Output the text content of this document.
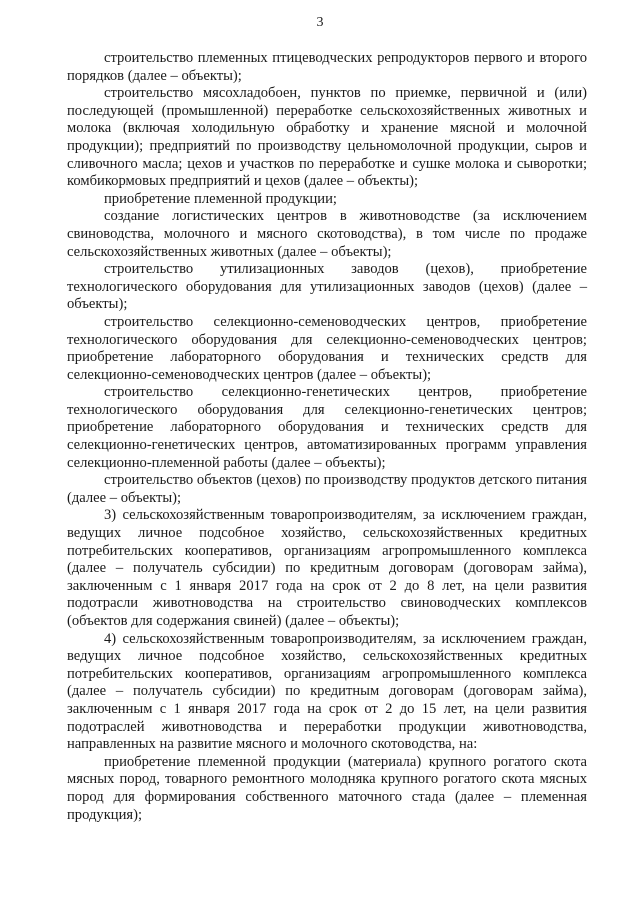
3

строительство племенных птицеводческих репродукторов первого и второго порядков (далее – объекты);

строительство мясохладобоен, пунктов по приемке, первичной и (или) последующей (промышленной) переработке сельскохозяйственных животных и молока (включая холодильную обработку и хранение мясной и молочной продукции); предприятий по производству цельномолочной продукции, сыров и сливочного масла; цехов и участков по переработке и сушке молока и сыворотки; комбикормовых предприятий и цехов (далее – объекты);

приобретение племенной продукции;

создание логистических центров в животноводстве (за исключением свиноводства, молочного и мясного скотоводства), в том числе по продаже сельскохозяйственных животных (далее – объекты);

строительство утилизационных заводов (цехов), приобретение технологического оборудования для утилизационных заводов (цехов) (далее – объекты);

строительство селекционно-семеноводческих центров, приобретение технологического оборудования для селекционно-семеноводческих центров; приобретение лабораторного оборудования и технических средств для селекционно-семеноводческих центров (далее – объекты);

строительство селекционно-генетических центров, приобретение технологического оборудования для селекционно-генетических центров; приобретение лабораторного оборудования и технических средств для селекционно-генетических центров, автоматизированных программ управления селекционно-племенной работы (далее – объекты);

строительство объектов (цехов) по производству продуктов детского питания (далее – объекты);

3) сельскохозяйственным товаропроизводителям, за исключением граждан, ведущих личное подсобное хозяйство, сельскохозяйственных кредитных потребительских кооперативов, организациям агропромышленного комплекса (далее – получатель субсидии) по кредитным договорам (договорам займа), заключенным с 1 января 2017 года на срок от 2 до 8 лет, на цели развития подотрасли животноводства на строительство свиноводческих комплексов (объектов для содержания свиней) (далее – объекты);

4) сельскохозяйственным товаропроизводителям, за исключением граждан, ведущих личное подсобное хозяйство, сельскохозяйственных кредитных потребительских кооперативов, организациям агропромышленного комплекса (далее – получатель субсидии) по кредитным договорам (договорам займа), заключенным с 1 января 2017 года на срок от 2 до 15 лет, на цели развития подотраслей животноводства и переработки продукции животноводства, направленных на развитие мясного и молочного скотоводства, на:

приобретение племенной продукции (материала) крупного рогатого скота мясных пород, товарного ремонтного молодняка крупного рогатого скота мясных пород для формирования собственного маточного стада (далее – племенная продукция);
